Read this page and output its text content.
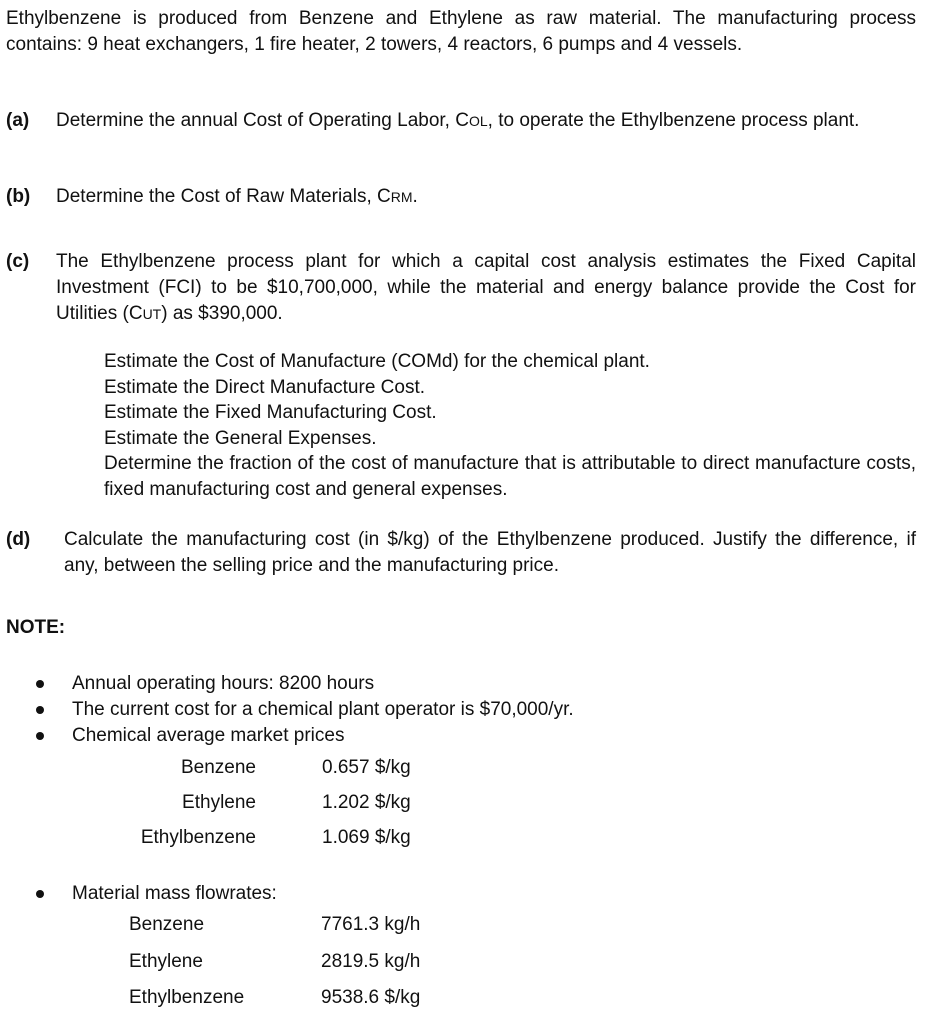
Ethylbenzene is produced from Benzene and Ethylene as raw material. The manufacturing process contains: 9 heat exchangers, 1 fire heater, 2 towers, 4 reactors, 6 pumps and 4 vessels.
(a) Determine the annual Cost of Operating Labor, COL, to operate the Ethylbenzene process plant.
(b) Determine the Cost of Raw Materials, CRM.
(c) The Ethylbenzene process plant for which a capital cost analysis estimates the Fixed Capital Investment (FCI) to be $10,700,000, while the material and energy balance provide the Cost for Utilities (CUT) as $390,000.
Estimate the Cost of Manufacture (COMd) for the chemical plant.
Estimate the Direct Manufacture Cost.
Estimate the Fixed Manufacturing Cost.
Estimate the General Expenses.
Determine the fraction of the cost of manufacture that is attributable to direct manufacture costs, fixed manufacturing cost and general expenses.
(d) Calculate the manufacturing cost (in $/kg) of the Ethylbenzene produced. Justify the difference, if any, between the selling price and the manufacturing price.
NOTE:
Annual operating hours: 8200 hours
The current cost for a chemical plant operator is $70,000/yr.
Chemical average market prices
Benzene	0.657 $/kg
Ethylene	1.202 $/kg
Ethylbenzene	1.069 $/kg
Material mass flowrates:
Benzene	7761.3 kg/h
Ethylene	2819.5 kg/h
Ethylbenzene	9538.6 $/kg
